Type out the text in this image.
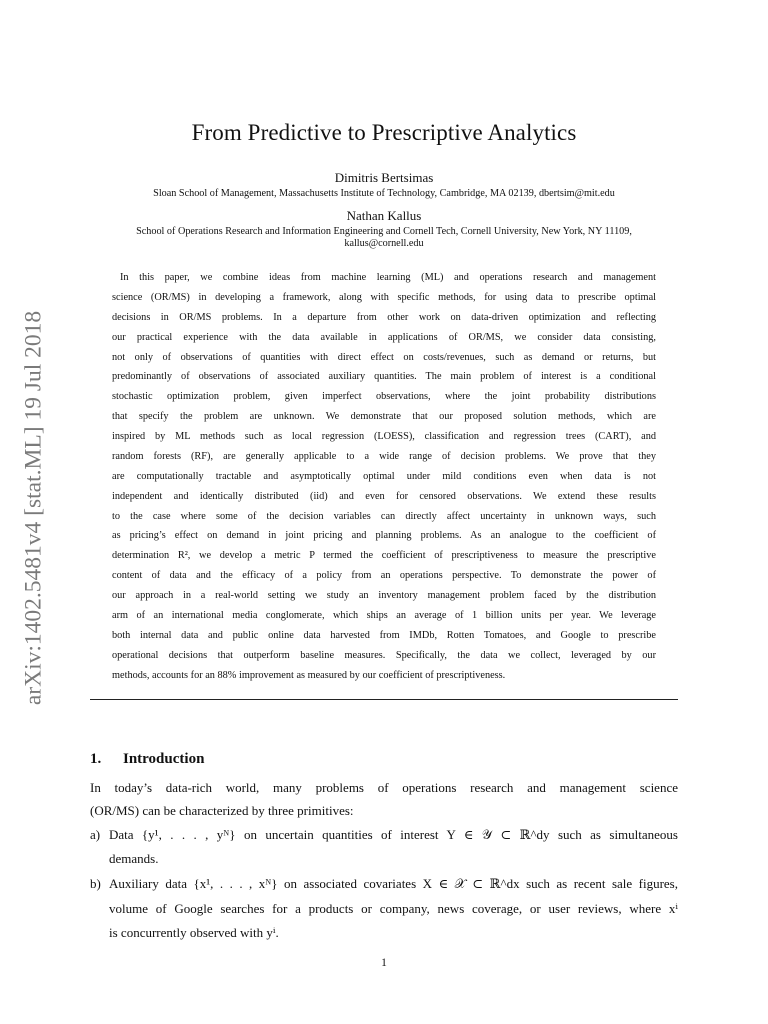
arXiv:1402.5481v4 [stat.ML] 19 Jul 2018
From Predictive to Prescriptive Analytics
Dimitris Bertsimas
Sloan School of Management, Massachusetts Institute of Technology, Cambridge, MA 02139, dbertsim@mit.edu
Nathan Kallus
School of Operations Research and Information Engineering and Cornell Tech, Cornell University, New York, NY 11109,
kallus@cornell.edu
In this paper, we combine ideas from machine learning (ML) and operations research and management
science (OR/MS) in developing a framework, along with specific methods, for using data to prescribe optimal
decisions in OR/MS problems. In a departure from other work on data-driven optimization and reflecting
our practical experience with the data available in applications of OR/MS, we consider data consisting,
not only of observations of quantities with direct effect on costs/revenues, such as demand or returns, but
predominantly of observations of associated auxiliary quantities. The main problem of interest is a conditional
stochastic optimization problem, given imperfect observations, where the joint probability distributions
that specify the problem are unknown. We demonstrate that our proposed solution methods, which are
inspired by ML methods such as local regression (LOESS), classification and regression trees (CART), and
random forests (RF), are generally applicable to a wide range of decision problems. We prove that they
are computationally tractable and asymptotically optimal under mild conditions even when data is not
independent and identically distributed (iid) and even for censored observations. We extend these results
to the case where some of the decision variables can directly affect uncertainty in unknown ways, such
as pricing’s effect on demand in joint pricing and planning problems. As an analogue to the coefficient of
determination R², we develop a metric P termed the coefficient of prescriptiveness to measure the prescriptive
content of data and the efficacy of a policy from an operations perspective. To demonstrate the power of
our approach in a real-world setting we study an inventory management problem faced by the distribution
arm of an international media conglomerate, which ships an average of 1 billion units per year. We leverage
both internal data and public online data harvested from IMDb, Rotten Tomatoes, and Google to prescribe
operational decisions that outperform baseline measures. Specifically, the data we collect, leveraged by our
methods, accounts for an 88% improvement as measured by our coefficient of prescriptiveness.
1. Introduction
In today’s data-rich world, many problems of operations research and management science
(OR/MS) can be characterized by three primitives:
a) Data {y¹, . . . , yᴺ} on uncertain quantities of interest Y ∈ 𝒴 ⊂ ℝ^dy such as simultaneous
demands.
b) Auxiliary data {x¹, . . . , xᴺ} on associated covariates X ∈ 𝒳 ⊂ ℝ^dx such as recent sale figures,
volume of Google searches for a products or company, news coverage, or user reviews, where xⁱ
is concurrently observed with yⁱ.
1
